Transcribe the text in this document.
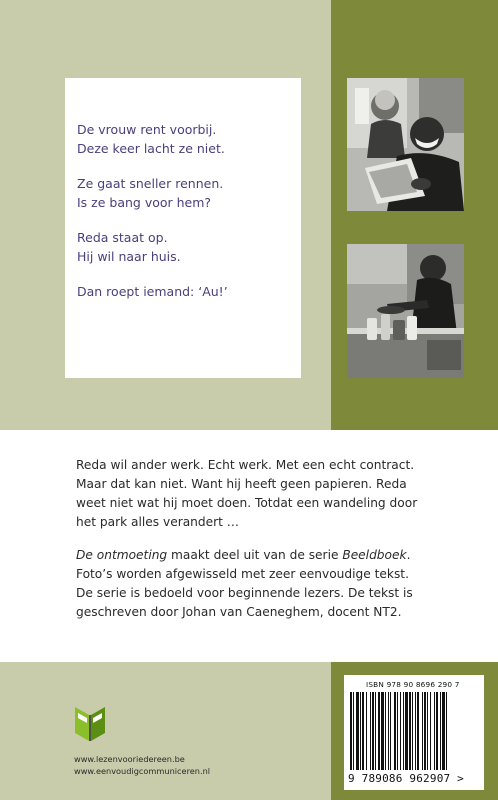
De vrouw rent voorbij.
Deze keer lacht ze niet.
Ze gaat sneller rennen.
Is ze bang voor hem?
Reda staat op.
Hij wil naar huis.
Dan roept iemand: ‘Au!’

Reda wil ander werk. Echt werk. Met een echt contract.
Maar dat kan niet. Want hij heeft geen papieren. Reda
weet niet wat hij moet doen. Totdat een wandeling door
het park alles verandert …

De ontmoeting maakt deel uit van de serie Beeldboek.
Foto’s worden afgewisseld met zeer eenvoudige tekst.
De serie is bedoeld voor beginnende lezers. De tekst is
geschreven door Johan van Caeneghem, docent NT2.

www.lezenvooriedereen.be
www.eenvoudigcommuniceren.nl
ISBN 978 90 8696 290 7
9 789086 962907 >
